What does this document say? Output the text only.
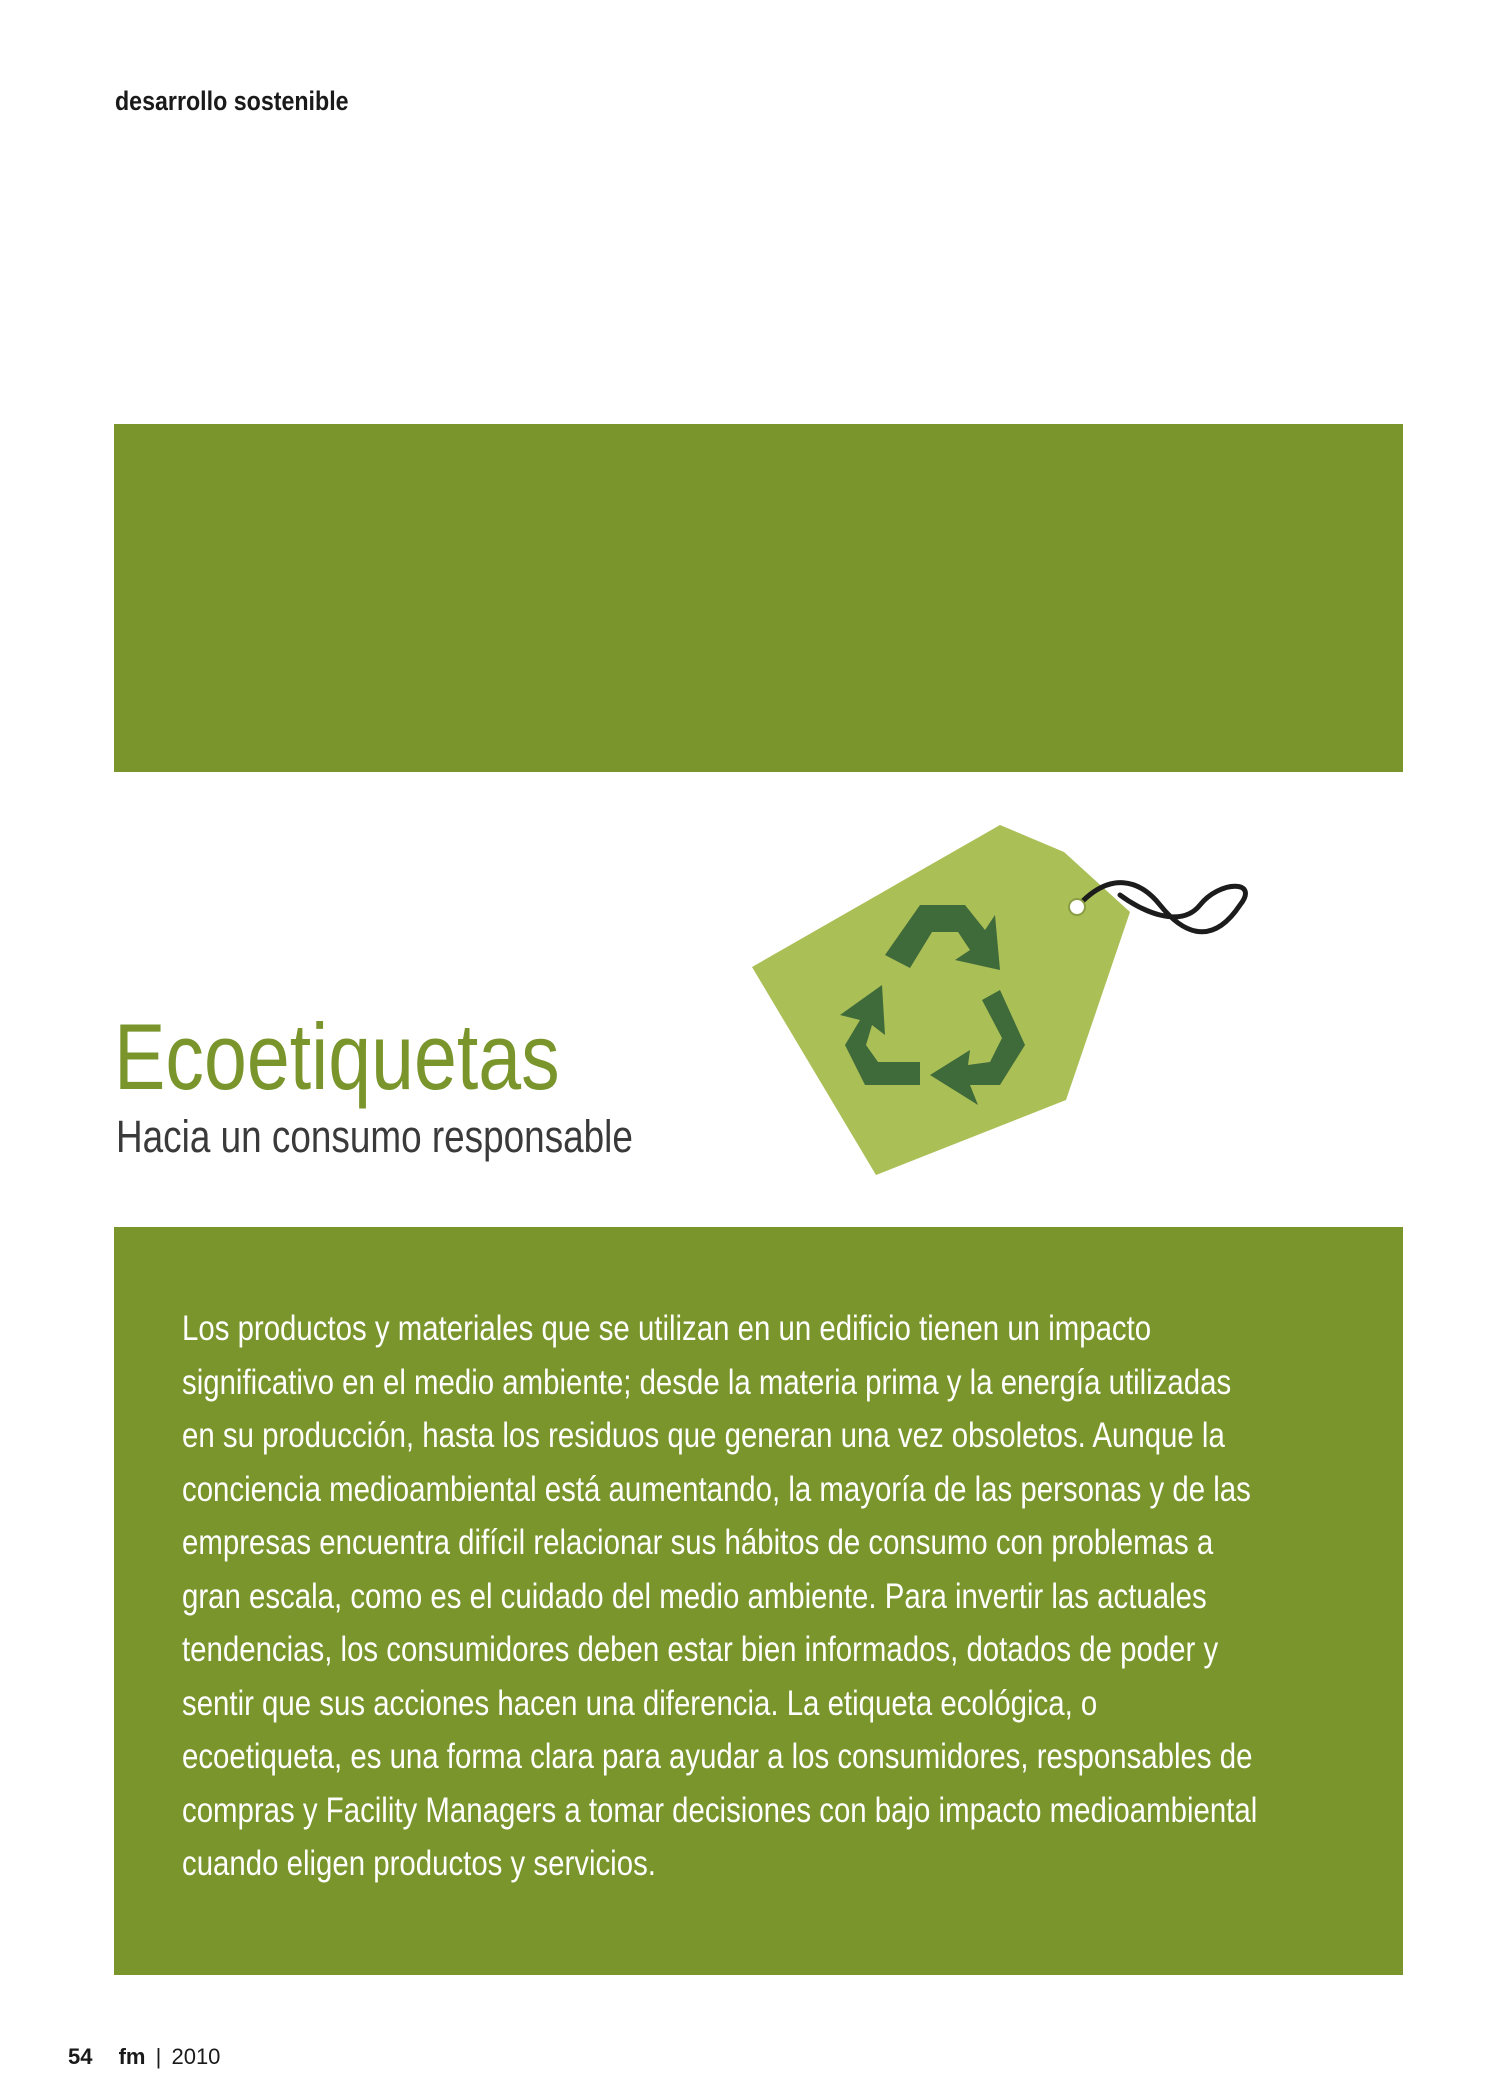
desarrollo sostenible
Ecoetiquetas
Hacia un consumo responsable

Los productos y materiales que se utilizan en un edificio tienen un impacto significativo en el medio ambiente; desde la materia prima y la energía utilizadas en su producción, hasta los residuos que generan una vez obsoletos. Aunque la conciencia medioambiental está aumentando, la mayoría de las personas y de las empresas encuentra difícil relacionar sus hábitos de consumo con problemas a gran escala, como es el cuidado del medio ambiente. Para invertir las actuales tendencias, los consumidores deben estar bien informados, dotados de poder y sentir que sus acciones hacen una diferencia. La etiqueta ecológica, o ecoetiqueta, es una forma clara para ayudar a los consumidores, responsables de compras y Facility Managers a tomar decisiones con bajo impacto medioambiental cuando eligen productos y servicios.

54 fm | 2010
